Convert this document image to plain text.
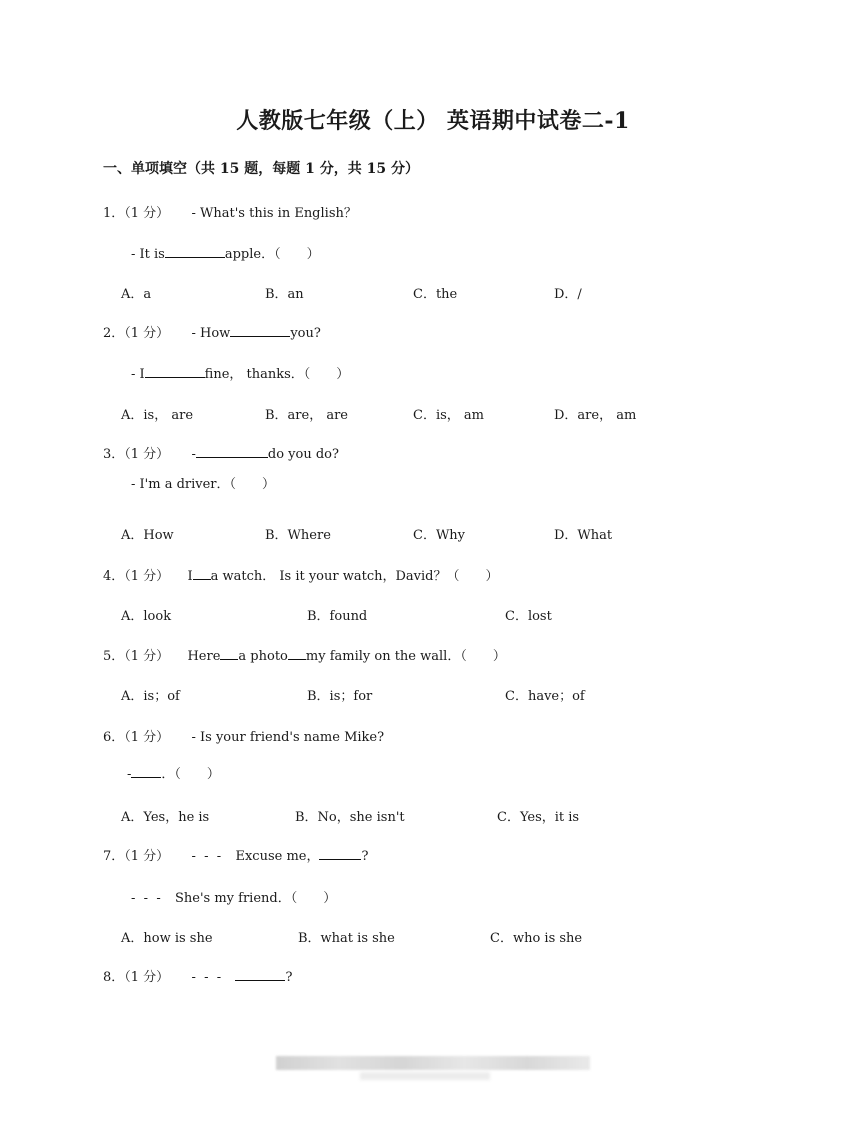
人教版七年级（上） 英语期中试卷二-1
一、单项填空（共 15 题，每题 1 分，共 15 分）
1．（1 分） - What's this in English？
- It is	apple．（　　）
A．a	B．an	C．the	D．/
2．（1 分） - How	you?
- I	fine， thanks．（　　）
A．is， are	B．are， are	C．is， am	D．are， am
3．（1 分） -	do you do?
- I'm a driver．（　　）
A．How	B．Where	C．Why	D．What
4．（1 分） I a watch． Is it your watch，David？（　　）
A．look	B．found	C．lost
5．（1 分） Here a photo my family on the wall．（　　）
A．is；of	B．is；for	C．have；of
6．（1 分） - Is your friend's name Mike?
- ．（　　）
A．Yes，he is	B．No，she isn't	C．Yes，it is
7．（1 分） -  -  - Excuse me，	?
-  -  - She's my friend．（　　）
A．how is she	B．what is she	C．who is she
8．（1 分） -  -  -	?
